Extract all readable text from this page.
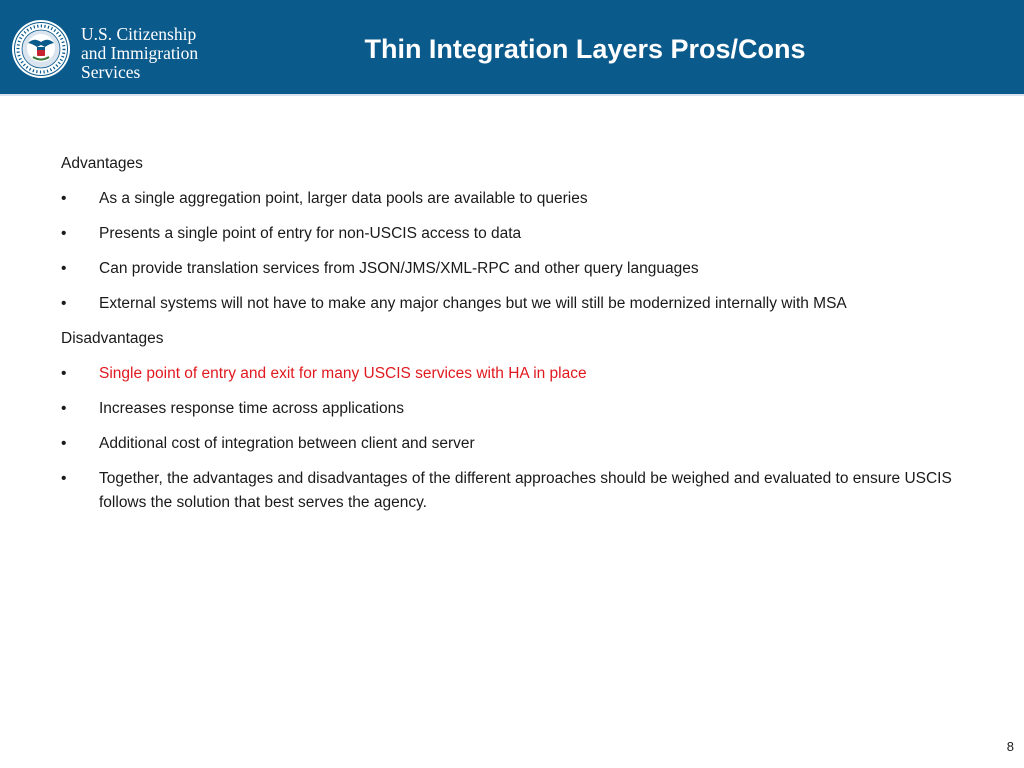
U.S. Citizenship
and Immigration
Services
Thin Integration Layers Pros/Cons
Advantages
• As a single aggregation point, larger data pools are available to queries
• Presents a single point of entry for non-USCIS access to data
• Can provide translation services from JSON/JMS/XML-RPC and other query languages
• External systems will not have to make any major changes but we will still be modernized internally with MSA
Disadvantages
• Single point of entry and exit for many USCIS services with HA in place
• Increases response time across applications
• Additional cost of integration between client and server
• Together, the advantages and disadvantages of the different approaches should be weighed and evaluated to ensure USCIS follows the solution that best serves the agency.
8
